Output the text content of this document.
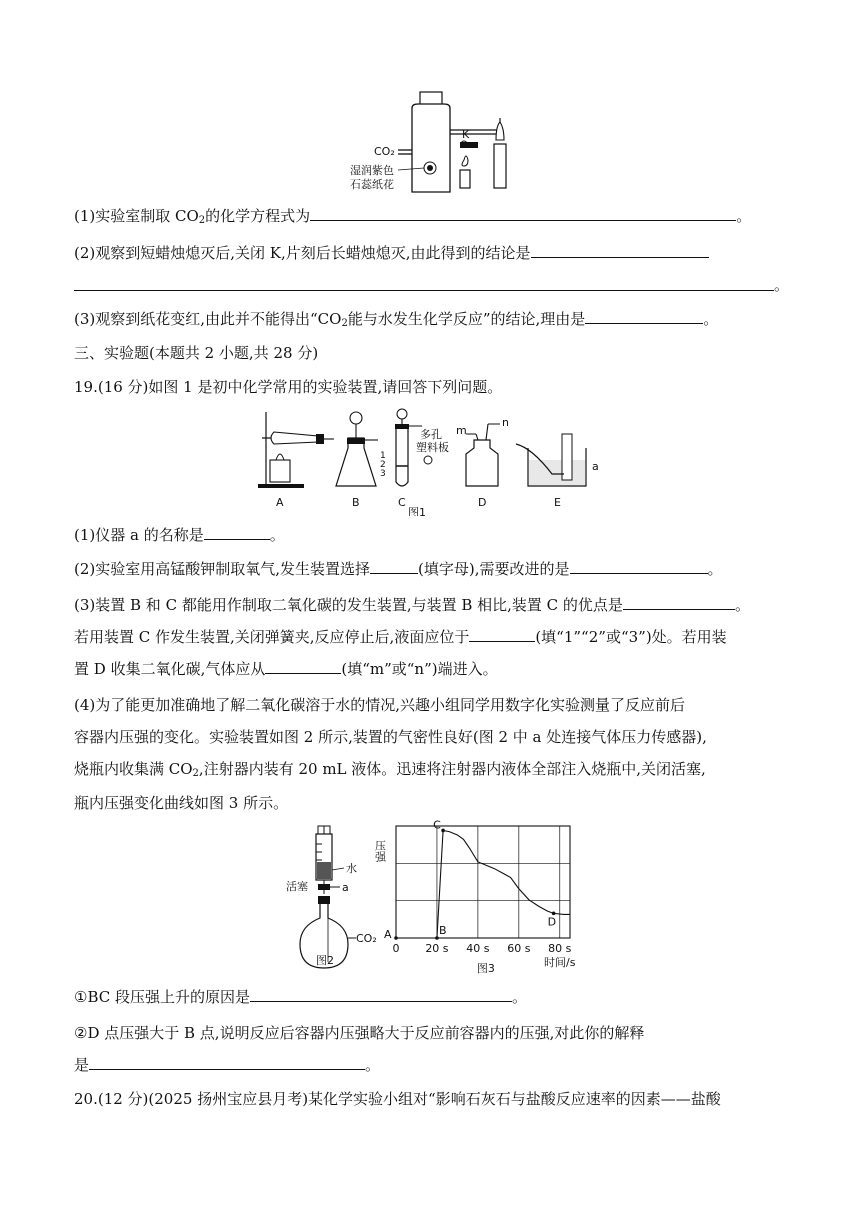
CO₂
K
湿润紫色
石蕊纸花
(1)实验室制取 $CO_2$的化学方程式为	。
(2)观察到短蜡烛熄灭后,关闭 K,片刻后长蜡烛熄灭,由此得到的结论是
。
(3)观察到纸花变红,由此并不能得出“$CO_2$能与水发生化学反应”的结论,理由是	。
三、实验题(本题共 2 小题,共 28 分)
19.(16 分)如图 1 是初中化学常用的实验装置,请回答下列问题。
A	B
多孔
塑料板
1
2
3
C
图1
m
n
D
a
E
(1)仪器 a 的名称是	。
(2)实验室用高锰酸钾制取氧气,发生装置选择	(填字母),需要改进的是	。
(3)装置 B 和 C 都能用作制取二氧化碳的发生装置,与装置 B 相比,装置 C 的优点是	。
若用装置 C 作发生装置,关闭弹簧夹,反应停止后,液面应位于	(填“1”“2”或“3”)处。若用装
置 D 收集二氧化碳,气体应从	(填“m”或“n”)端进入。
(4)为了能更加准确地了解二氧化碳溶于水的情况,兴趣小组同学用数字化实验测量了反应前后
容器内压强的变化。实验装置如图 2 所示,装置的气密性良好(图 2 中 a 处连接气体压力传感器),
烧瓶内收集满 $CO_2$,注射器内装有 20 mL 液体。迅速将注射器内液体全部注入烧瓶中,关闭活塞,
瓶内压强变化曲线如图 3 所示。
水
活塞	a
CO₂
图2
A	B
C
D
0 20 s 40 s 60 s 80 s
时间/s
压强
图3
①BC 段压强上升的原因是	。
②D 点压强大于 B 点,说明反应后容器内压强略大于反应前容器内的压强,对此你的解释
是	。
20.(12 分)(2025 扬州宝应县月考)某化学实验小组对“影响石灰石与盐酸反应速率的因素——盐酸
